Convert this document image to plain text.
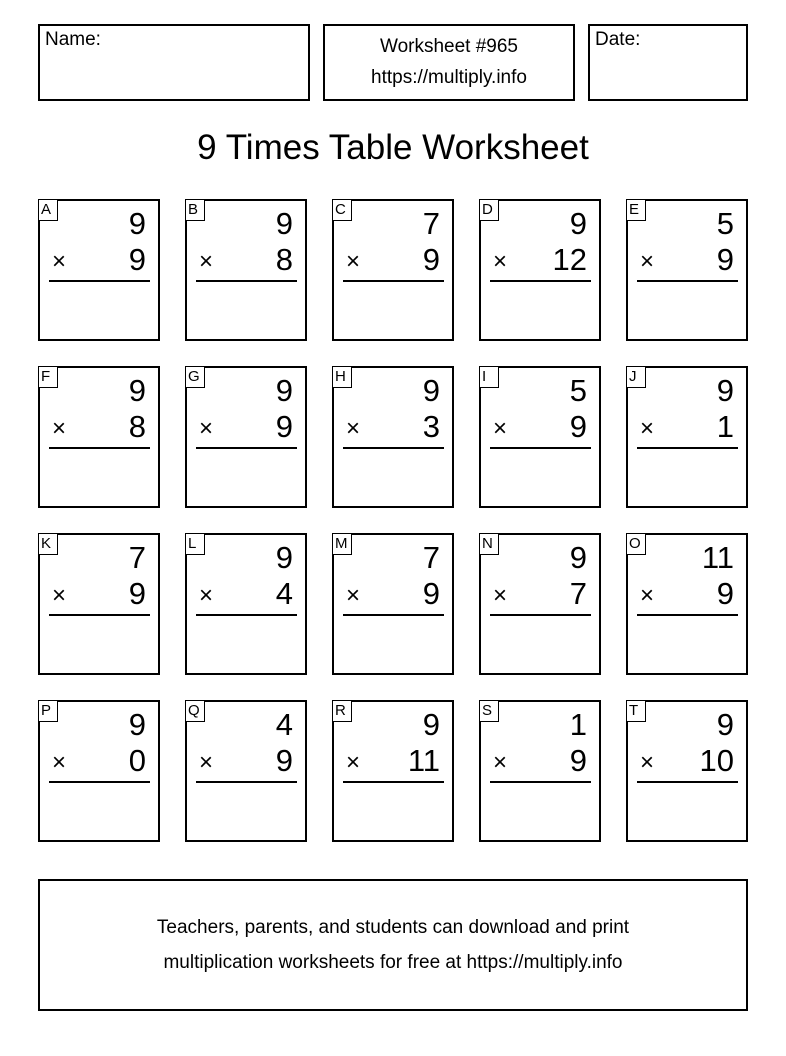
Name:	Worksheet #965
https://multiply.info
Date:
9 Times Table Worksheet
A	9
× 9
B	9
× 8
C 7
× 9
D 9
× 12
E	5
× 9
F	9
× 8
G 9
× 9
H 9
× 3
I	5
× 9
J	9
× 1
K	7
× 9
L	9
× 4
M 7
× 9
N 9
× 7
O 11
× 9
P	9
× 0
Q 4
× 9
R 9
× 11
S	1
× 9
T	9
× 10
Teachers, parents, and students can download and print
multiplication worksheets for free at https://multiply.info
